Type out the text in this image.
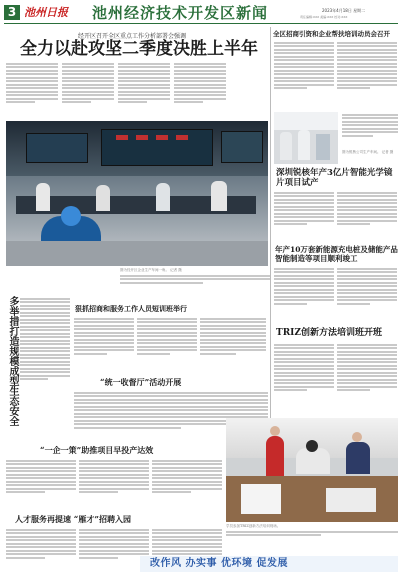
3 池州日报 池州经济技术开发区新闻	2023年4月18日 星期二
责任编辑:XXX 美编:XXX 校对:XXX
经开区召开全区重点工作分析部署会强调
全力以赴攻坚二季度决胜上半年
图为经开区企业生产车间一角。 记者 摄
多举措打造规模成型生态安全	狠抓招商和服务工作人员短训班举行
“统一收督厅”活动开展
“一企一策”助推项目早投产达效
人才服务再提速 “雁才”招聘入园
全区招商引资和企业帮扶培训动员会召开
图为锐核公司生产车间。 记者 摄
深圳锐核年产3亿片智能光学镜片项目试产
年产10万套新能源充电桩及储能产品智能制造等项目顺利竣工
TRIZ创新方法培训班开班
学员参加TRIZ创新方法培训现场。
改作风 办实事 优环境 促发展
